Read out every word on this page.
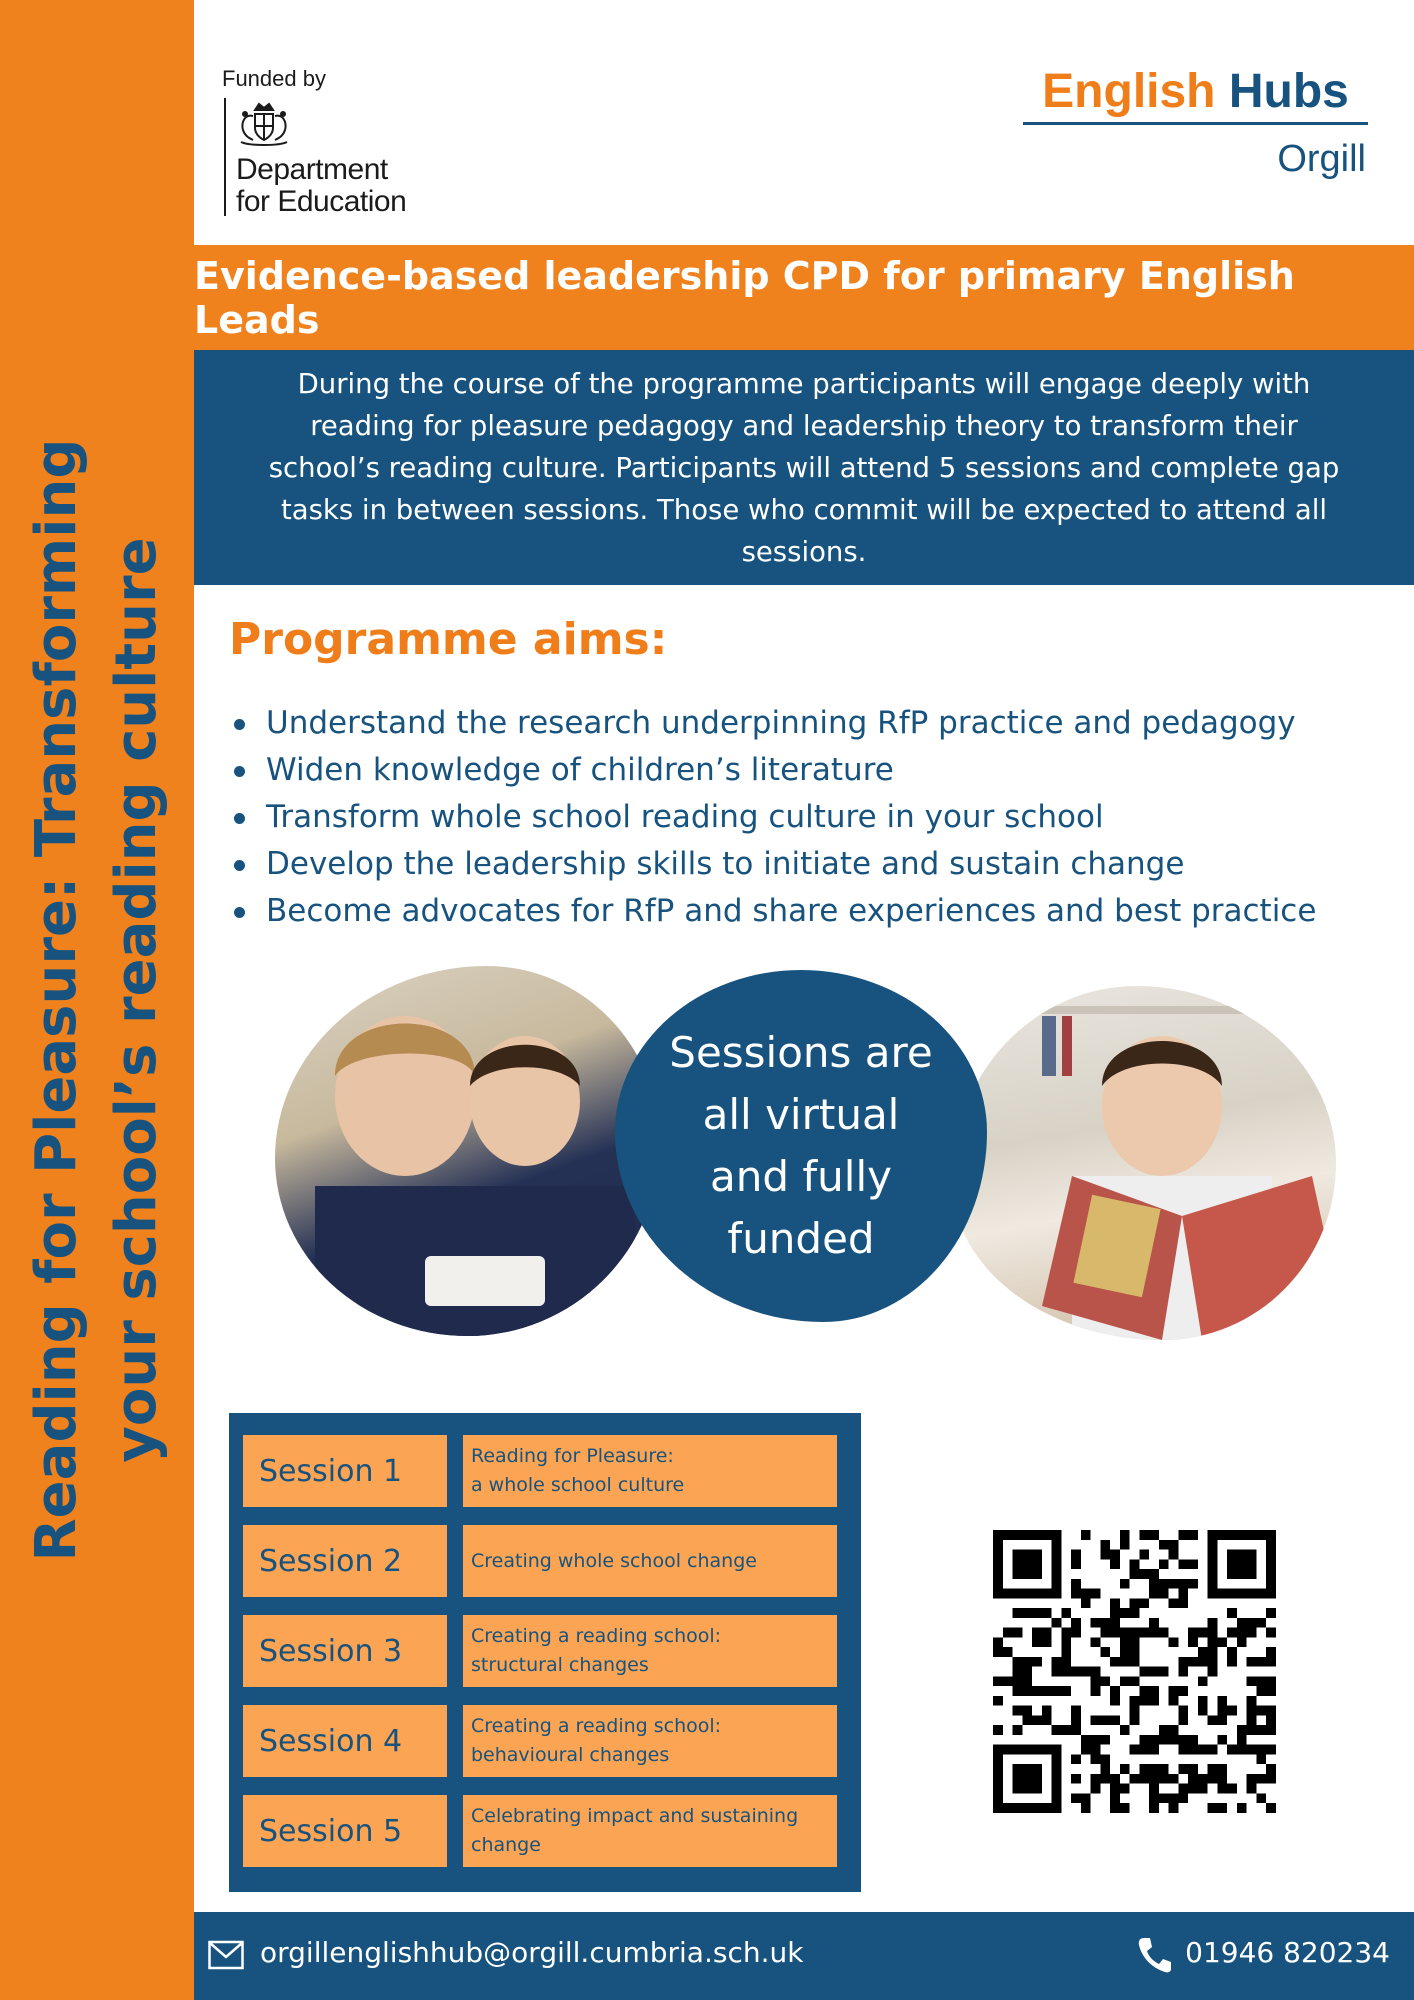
Reading for Pleasure: Transforming your school’s reading culture
Funded by
Department
for Education
English Hubs
Orgill
Evidence-based leadership CPD for primary English Leads
During the course of the programme participants will engage deeply with reading for pleasure pedagogy and leadership theory to transform their school’s reading culture. Participants will attend 5 sessions and complete gap tasks in between sessions. Those who commit will be expected to attend all sessions.
Programme aims:
Understand the research underpinning RfP practice and pedagogy
Widen knowledge of children’s literature
Transform whole school reading culture in your school
Develop the leadership skills to initiate and sustain change
Become advocates for RfP and share experiences and best practice
Sessions are
all virtual
and fully
funded
Session 1	Reading for Pleasure:
a whole school culture
Session 2	Creating whole school change
Session 3	Creating a reading school:
structural changes
Session 4	Creating a reading school:
behavioural changes
Session 5	Celebrating impact and sustaining
change
orgillenglishhub@orgill.cumbria.sch.uk	01946 820234
